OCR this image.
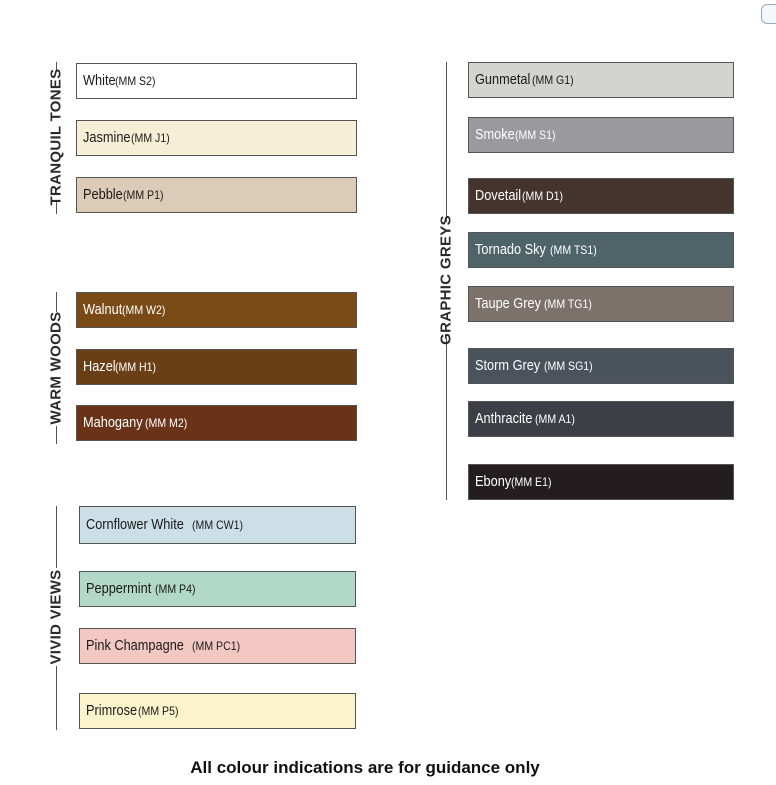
TRANQUIL TONES
WARM WOODS
VIVID VIEWS
GRAPHIC GREYS
White

(MM S2)
Jasmine
(MM J1)
Pebble
(MM P1)
Walnut
(MM W2)
Hazel

(MM H1)
Mahogany
(MM M2)
Cornflower White
(MM CW1)
Peppermint
(MM P4)
Pink Champagne
(MM PC1)
Primrose
(MM P5)
Gunmetal
(MM G1)
Smoke
(MM S1)
Dovetail
(MM D1)
Tornado Sky
(MM TS1)
Taupe Grey
(MM TG1)
Storm Grey
(MM SG1)
Anthracite
(MM A1)
Ebony
(MM E1)
All colour indications are for guidance only
